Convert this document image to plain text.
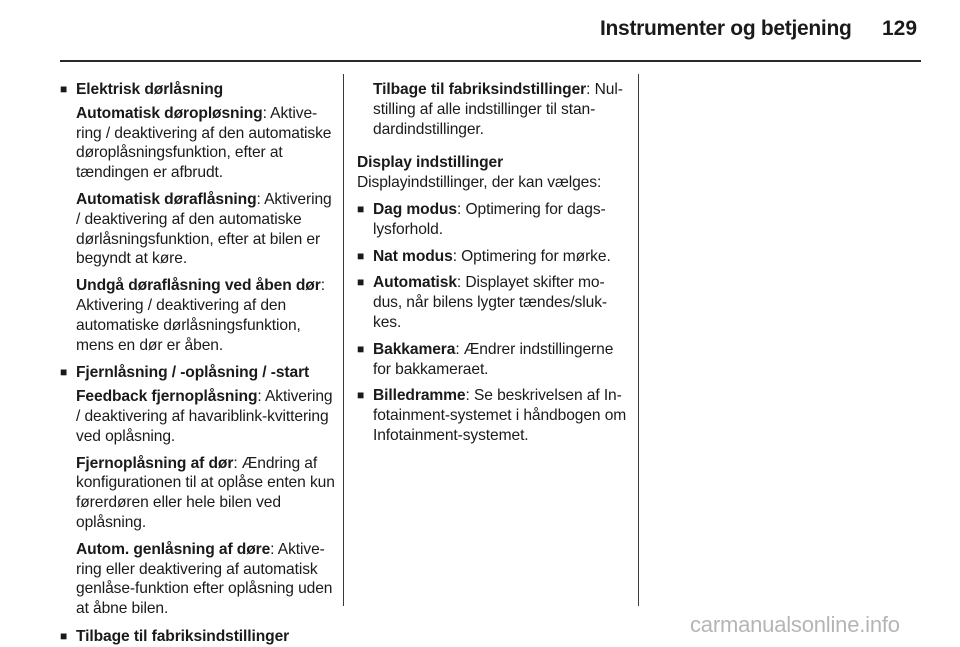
Instrumenter og betjening 129
■ Elektrisk dørlåsning

Automatisk døropløsning: Aktivering / deaktivering af den automatiske døroplåsningsfunktion, efter at tændingen er afbrudt.

Automatisk døraflåsning: Aktivering / deaktivering af den automatiske dørlåsningsfunktion, efter at bilen er begyndt at køre.

Undgå døraflåsning ved åben dør: Aktivering / deaktivering af den automatiske dørlåsningsfunktion, mens en dør er åben.

■ Fjernlåsning / -oplåsning / -start

Feedback fjernoplåsning: Aktivering / deaktivering af havariblink-kvittering ved oplåsning.

Fjernoplåsning af dør: Ændring af konfigurationen til at oplåse enten kun førerdøren eller hele bilen ved oplåsning.

Autom. genlåsning af døre: Aktivering eller deaktivering af automatisk genlåse-funktion efter oplåsning uden at åbne bilen.

■ Tilbage til fabriksindstillinger

Tilbage til fabriksindstillinger: Nulstilling af alle indstillinger til standardindstillinger.

Display indstillinger
Displayindstillinger, der kan vælges:
■ Dag modus: Optimering for dagslysforhold.
■ Nat modus: Optimering for mørke.
■ Automatisk: Displayet skifter modus, når bilens lygter tændes/slukkes.
■ Bakkamera: Ændrer indstillingerne for bakkameraet.
■ Billedramme: Se beskrivelsen af Infotainment-systemet i håndbogen om Infotainment-systemet.
carmanualsonline.info
